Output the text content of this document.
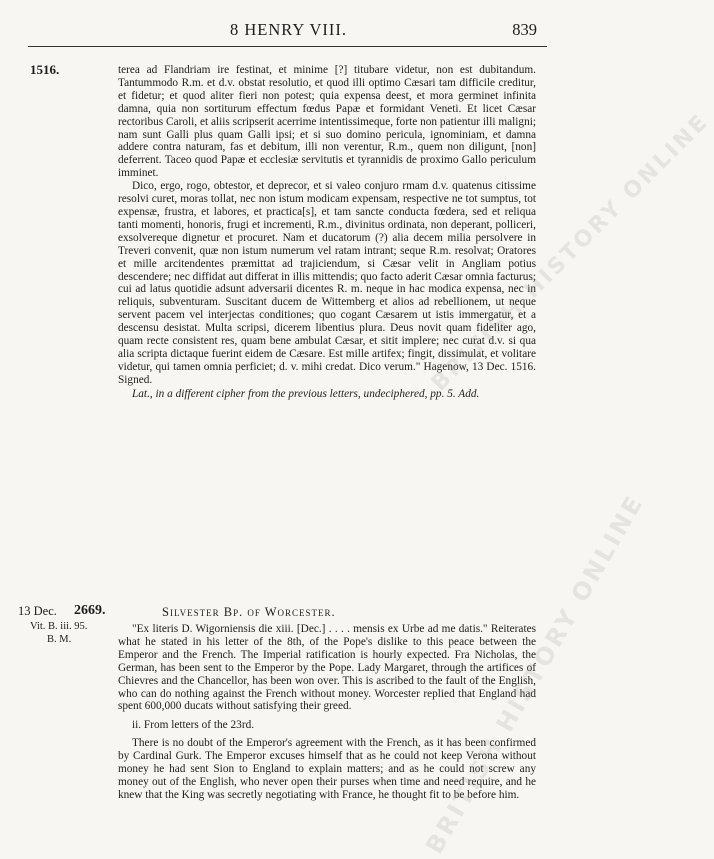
8 HENRY VIII.	839
1516.	terea ad Flandriam ire festinat, et minime [?] titubare videtur, non est dubitandum. Tantummodo R.m. et d.v. obstat resolutio, et quod illi optimo Cæsari tam difficile creditur, et fidetur; et quod aliter fieri non potest; quia expensa deest, et mora germinet infinita damna, quia non sortiturum effectum fœdus Papæ et formidant Veneti. Et licet Cæsar rectoribus Caroli, et aliis scripserit acerrime intentissimeque, forte non patientur illi maligni; nam sunt Galli plus quam Galli ipsi; et si suo domino pericula, ignominiam, et damna addere contra naturam, fas et debitum, illi non verentur, R.m., quem non diligunt, [non] deferrent. Taceo quod Papæ et ecclesiæ servitutis et tyrannidis de proximo Gallo periculum imminet.

Dico, ergo, rogo, obtestor, et deprecor, et si valeo conjuro rmam d.v. quatenus citissime resolvi curet, moras tollat, nec non istum modicam expensam, respective ne tot sumptus, tot expensæ, frustra, et labores, et practica[s], et tam sancte conducta fœdera, sed et reliqua tanti momenti, honoris, frugi et incrementi, R.m., divinitus ordinata, non deperant, polliceri, exsolvereque dignetur et procuret. Nam et ducatorum (?) alia decem milia persolvere in Treveri convenit, quæ non istum numerum vel ratam intrant; seque R.m. resolvat; Oratores et mille arcitendentes præmittat ad trajiciendum, si Cæsar velit in Angliam potius descendere; nec diffidat aut differat in illis mittendis; quo facto aderit Cæsar omnia facturus; cui ad latus quotidie adsunt adversarii dicentes R. m. neque in hac modica expensa, nec in reliquis, subventuram. Suscitant ducem de Wittemberg et alios ad rebellionem, ut neque servent pacem vel interjectas conditiones; quo cogant Cæsarem ut istis immergatur, et a descensu desistat. Multa scripsi, dicerem libentius plura. Deus novit quam fideliter ago, quam recte consistent res, quam bene ambulat Cæsar, et sitit implere; nec curat d.v. si qua alia scripta dictaque fuerint eidem de Cæsare. Est mille artifex; fingit, dissimulat, et volitare videtur, qui tamen omnia perficiet; d. v. mihi credat. Dico verum." Hagenow, 13 Dec. 1516. Signed.

Lat., in a different cipher from the previous letters, undeciphered, pp. 5. Add.

13 Dec. 2669.
Vit. B. iii. 95.
B. M.
Silvester Bp. of Worcester.

"Ex literis D. Wigorniensis die xiii. [Dec.] . . . . mensis ex Urbe ad me datis." Reiterates what he stated in his letter of the 8th, of the Pope's dislike to this peace between the Emperor and the French. The Imperial ratification is hourly expected. Fra Nicholas, the German, has been sent to the Emperor by the Pope. Lady Margaret, through the artifices of Chievres and the Chancellor, has been won over. This is ascribed to the fault of the English, who can do nothing against the French without money. Worcester replied that England had spent 600,000 ducats without satisfying their greed.

ii. From letters of the 23rd.

There is no doubt of the Emperor's agreement with the French, as it has been confirmed by Cardinal Gurk. The Emperor excuses himself that as he could not keep Verona without money he had sent Sion to England to explain matters; and as he could not screw any money out of the English, who never open their purses when time and need require, and he knew that the King was secretly negotiating with France, he thought fit to be before him.

BRITISH HISTORY ONLINE
BRITISH HISTORY ONLINE
